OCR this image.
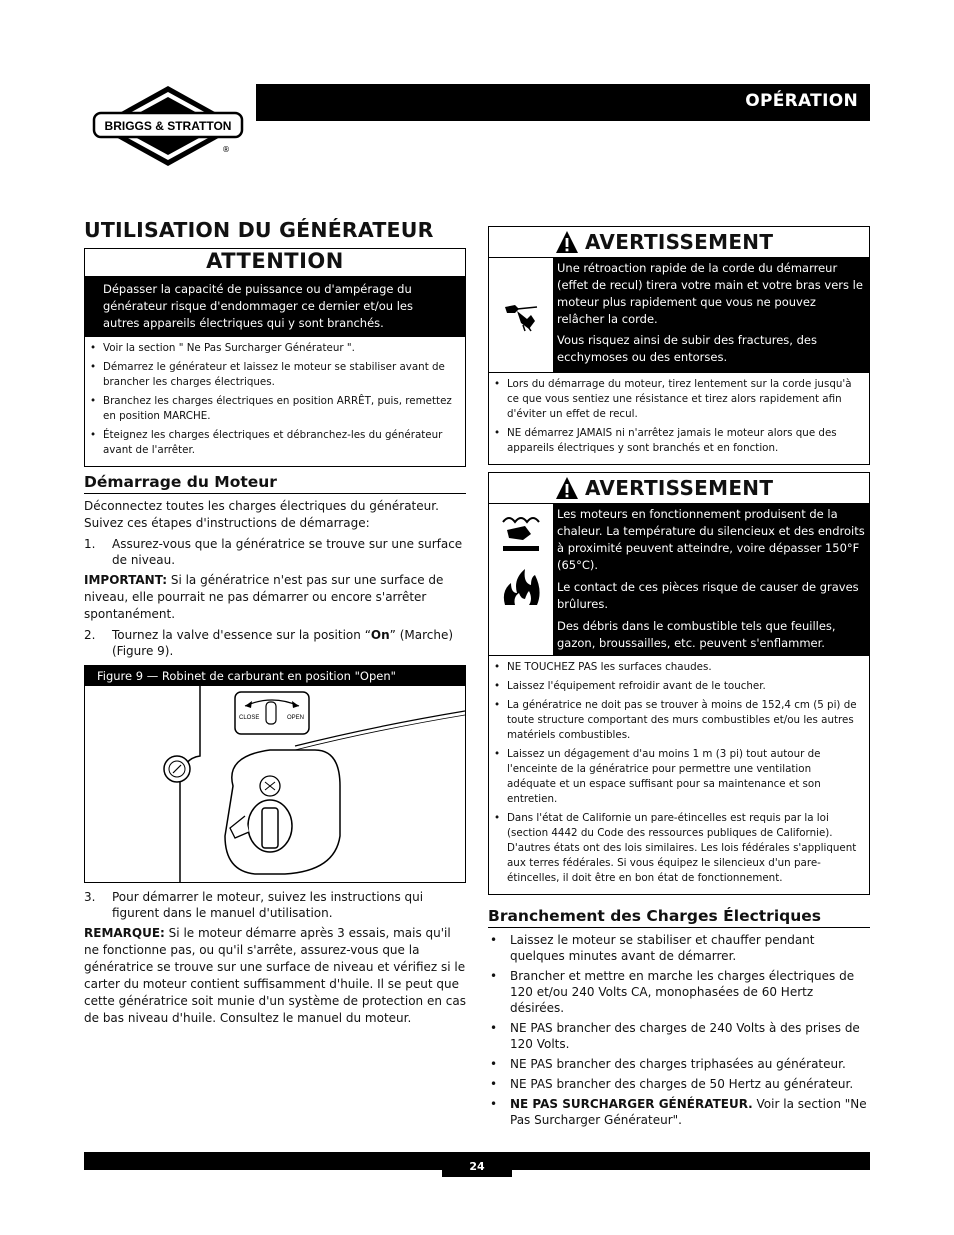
BRIGGS & STRATTON
®
OPÉRATION
UTILISATION DU GÉNÉRATEUR
ATTENTION
Dépasser la capacité de puissance ou d'ampérage du générateur risque d'endommager ce dernier et/ou les autres appareils électriques qui y sont branchés.
• Voir la section " Ne Pas Surcharger Générateur ".
• Démarrez le générateur et laissez le moteur se stabiliser avant de brancher les charges électriques.
• Branchez les charges électriques en position ARRÊT, puis, remettez en position MARCHE.
• Éteignez les charges électriques et débranchez-les du générateur avant de l'arrêter.
Démarrage du Moteur

Déconnectez toutes les charges électriques du générateur. Suivez ces étapes d'instructions de démarrage:

1. Assurez-vous que la génératrice se trouve sur une surface de niveau.

IMPORTANT: Si la génératrice n'est pas sur une surface de niveau, elle pourrait ne pas démarrer ou encore s'arrêter spontanément.

2. Tournez la valve d'essence sur la position “On” (Marche) (Figure 9).
Figure 9 — Robinet de carburant en position "Open"
CLOSE	OPEN
3. Pour démarrer le moteur, suivez les instructions qui figurent dans le manuel d'utilisation.

REMARQUE: Si le moteur démarre après 3 essais, mais qu'il ne fonctionne pas, ou qu'il s'arrête, assurez-vous que la génératrice se trouve sur une surface de niveau et vérifiez si le carter du moteur contient suffisamment d'huile. Il se peut que cette génératrice soit munie d'un système de protection en cas de bas niveau d'huile. Consultez le manuel du moteur.

AVERTISSEMENT

Une rétroaction rapide de la corde du démarreur (effet de recul) tirera votre main et votre bras vers le moteur plus rapidement que vous ne pouvez relâcher la corde.

Vous risquez ainsi de subir des fractures, des ecchymoses ou des entorses.

• Lors du démarrage du moteur, tirez lentement sur la corde jusqu'à ce que vous sentiez une résistance et tirez alors rapidement afin d'éviter un effet de recul.
• NE démarrez JAMAIS ni n'arrêtez jamais le moteur alors que des appareils électriques y sont branchés et en fonction.
AVERTISSEMENT

Les moteurs en fonctionnement produisent de la chaleur. La température du silencieux et des endroits à proximité peuvent atteindre, voire dépasser 150°F (65°C).

Le contact de ces pièces risque de causer de graves brûlures.

Des débris dans le combustible tels que feuilles, gazon, broussailles, etc. peuvent s'enflammer.

• NE TOUCHEZ PAS les surfaces chaudes.
• Laissez l'équipement refroidir avant de le toucher.
• La génératrice ne doit pas se trouver à moins de 152,4 cm (5 pi) de toute structure comportant des murs combustibles et/ou les autres matériels combustibles.
• Laissez un dégagement d'au moins 1 m (3 pi) tout autour de l'enceinte de la génératrice pour permettre une ventilation adéquate et un espace suffisant pour sa maintenance et son entretien.
• Dans l'état de Californie un pare-étincelles est requis par la loi (section 4442 du Code des ressources publiques de Californie). D'autres états ont des lois similaires. Les lois fédérales s'appliquent aux terres fédérales. Si vous équipez le silencieux d'un pare-étincelles, il doit être en bon état de fonctionnement.
Branchement des Charges Électriques
• Laissez le moteur se stabiliser et chauffer pendant quelques minutes avant de démarrer.
• Brancher et mettre en marche les charges électriques de 120 et/ou 240 Volts CA, monophasées de 60 Hertz désirées.
• NE PAS brancher des charges de 240 Volts à des prises de 120 Volts.
• NE PAS brancher des charges triphasées au générateur.
• NE PAS brancher des charges de 50 Hertz au générateur.
• NE PAS SURCHARGER GÉNÉRATEUR. Voir la section "Ne Pas Surcharger Générateur".
24
